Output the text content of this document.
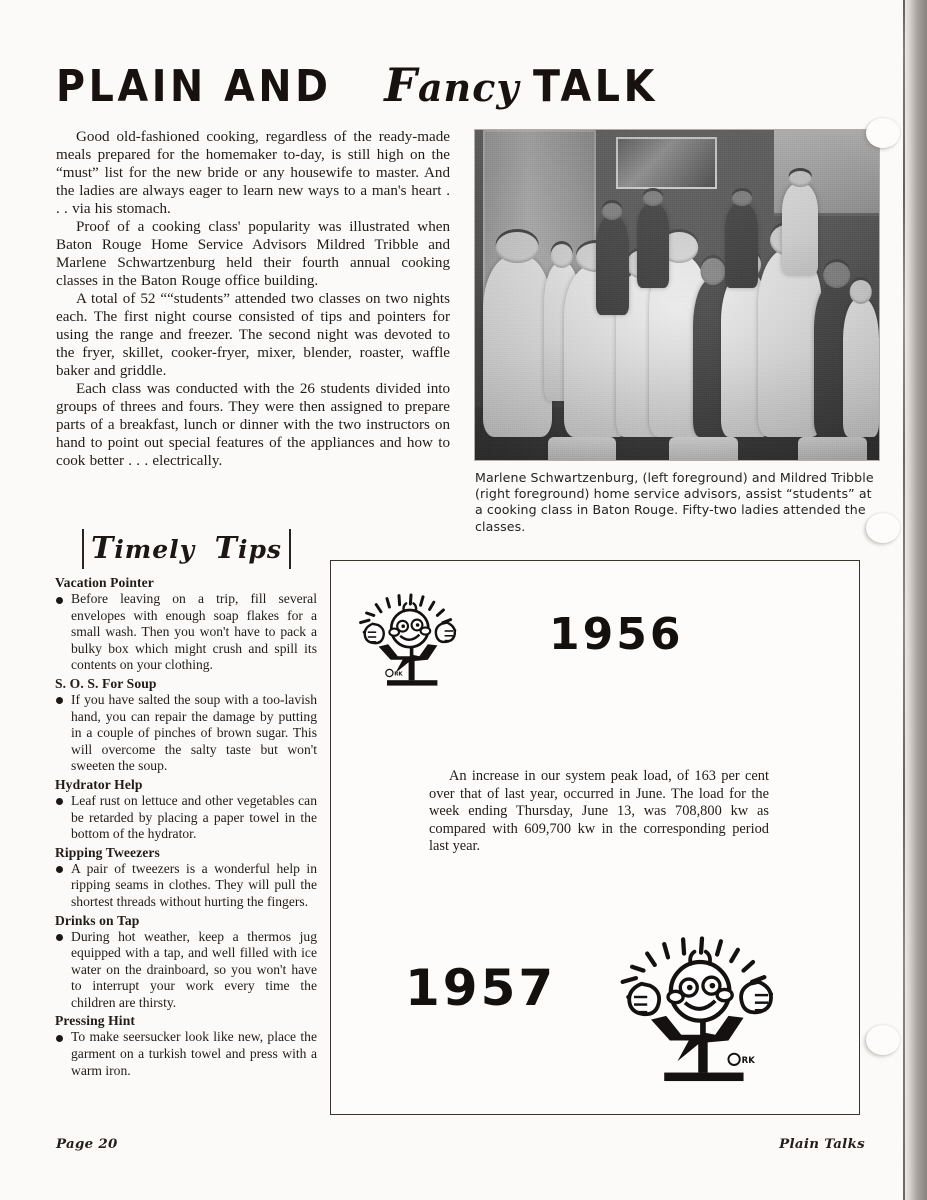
PLAIN AND Fancy TALK

Good old-fashioned cooking, regardless of the ready-made meals prepared for the homemaker to-day, is still high on the “must” list for the new bride or any housewife to master. And the ladies are always eager to learn new ways to a man's heart . . . via his stomach.

Proof of a cooking class' popularity was illustrated when Baton Rouge Home Service Advisors Mildred Tribble and Marlene Schwartzenburg held their fourth annual cooking classes in the Baton Rouge office building.

A total of 52 ““students” attended two classes on two nights each. The first night course consisted of tips and pointers for using the range and freezer. The second night was devoted to the fryer, skillet, cooker-fryer, mixer, blender, roaster, waffle baker and griddle.

Each class was conducted with the 26 students divided into groups of threes and fours. They were then assigned to prepare parts of a breakfast, lunch or dinner with the two instructors on hand to point out special features of the appliances and how to cook better . . . electrically.

Marlene Schwartzenburg, (left foreground) and Mildred Tribble (right foreground) home service advisors, assist “students” at a cooking class in Baton Rouge. Fifty-two ladies attended the classes.
Timely Tips
Vacation Pointer
Before leaving on a trip, fill several envelopes with enough soap flakes for a small wash. Then you won't have to pack a bulky box which might crush and spill its contents on your clothing.
S. O. S. For Soup
If you have salted the soup with a too-lavish hand, you can repair the damage by putting in a couple of pinches of brown sugar. This will overcome the salty taste but won't sweeten the soup.
Hydrator Help
Leaf rust on lettuce and other vegetables can be retarded by placing a paper towel in the bottom of the hydrator.
Ripping Tweezers
A pair of tweezers is a wonderful help in ripping seams in clothes. They will pull the shortest threads without hurting the fingers.
Drinks on Tap
During hot weather, keep a thermos jug equipped with a tap, and well filled with ice water on the drainboard, so you won't have to interrupt your work every time the children are thirsty.
Pressing Hint
To make seersucker look like new, place the garment on a turkish towel and press with a warm iron.
RK
1956

An increase in our system peak load, of 163 per cent over that of last year, occurred in June. The load for the week ending Thursday, June 13, was 708,800 kw as compared with 609,700 kw in the corresponding period last year.

1957
RK
Page 20	Plain Talks
